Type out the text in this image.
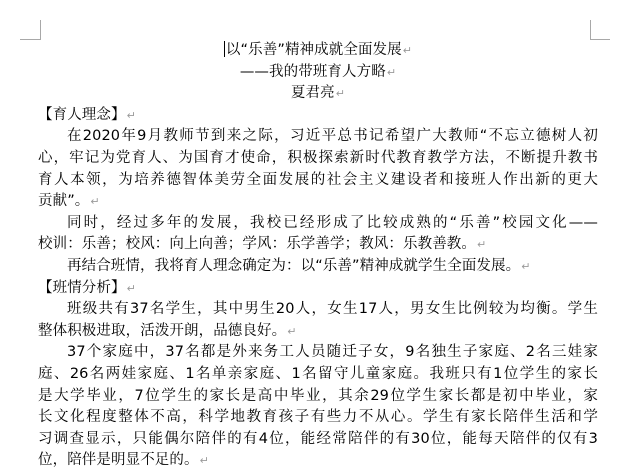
以“乐善”精神成就全面发展↵
——我的带班育人方略↵
夏君亮↵
【育人理念】↵
在2020年9月教师节到来之际，习近平总书记希望广大教师“不忘立德树人初
心，牢记为党育人、为国育才使命，积极探索新时代教育教学方法，不断提升教书
育人本领，为培养德智体美劳全面发展的社会主义建设者和接班人作出新的更大
贡献”。↵
同时，经过多年的发展，我校已经形成了比较成熟的“乐善”校园文化——
校训：乐善；校风：向上向善；学风：乐学善学；教风：乐教善教。↵
再结合班情，我将育人理念确定为：以“乐善”精神成就学生全面发展。↵
【班情分析】↵
班级共有37名学生，其中男生20人，女生17人，男女生比例较为均衡。学生
整体积极进取，活泼开朗，品德良好。↵
37个家庭中，37名都是外来务工人员随迁子女，9名独生子家庭、2名三娃家
庭、26名两娃家庭、1名单亲家庭、1名留守儿童家庭。我班只有1位学生的家长
是大学毕业，7位学生的家长是高中毕业，其余29位学生家长都是初中毕业，家
长文化程度整体不高，科学地教育孩子有些力不从心。学生有家长陪伴生活和学
习调查显示，只能偶尔陪伴的有4位，能经常陪伴的有30位，能每天陪伴的仅有3
位，陪伴是明显不足的。↵
